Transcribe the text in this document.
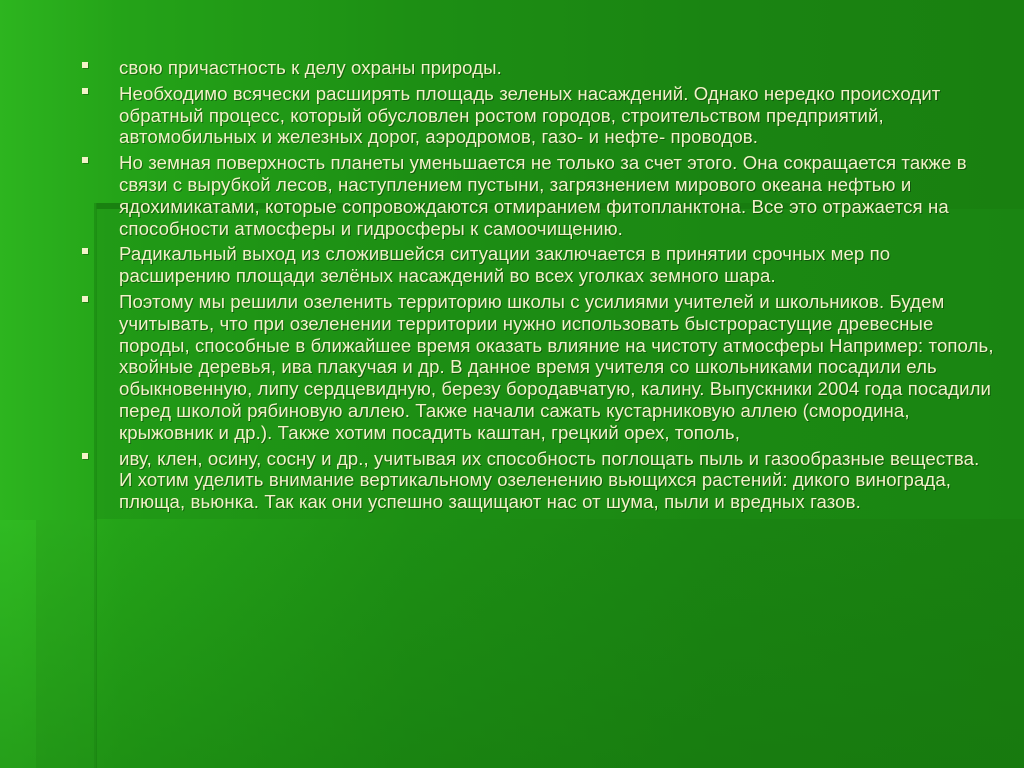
свою причастность к делу охраны природы.
Необходимо всячески расширять площадь зеленых насаждений. Однако нередко происходит обратный процесс, который обусловлен ростом городов, строительством предприятий, автомобильных и железных дорог, аэродромов, газо- и нефте- проводов.
Но земная поверхность планеты уменьшается не только за счет этого. Она сокращается также в связи с вырубкой лесов, наступлением пустыни, загрязнением мирового океана нефтью и ядохимикатами, которые сопровождаются отмиранием фитопланктона. Все это отражается на способности атмосферы и гидросферы к самоочищению.
Радикальный выход из сложившейся ситуации заключается в принятии срочных мер по расширению площади зелёных насаждений во всех уголках земного шара.
Поэтому мы решили озеленить территорию школы с усилиями учителей и школьников. Будем учитывать, что при озеленении территории нужно использовать быстрорастущие древесные породы, способные в ближайшее время оказать влияние на чистоту атмосферы Например: тополь, хвойные деревья, ива плакучая и др. В данное время учителя со школьниками посадили ель обыкновенную, липу сердцевидную, березу бородавчатую, калину. Выпускники 2004 года посадили перед школой рябиновую аллею. Также начали сажать кустарниковую аллею (смородина, крыжовник и др.). Также хотим посадить каштан, грецкий орех, тополь,
иву, клен, осину, сосну и др., учитывая их способность поглощать пыль и газообразные вещества. И хотим уделить внимание вертикальному озеленению вьющихся растений: дикого винограда, плюща, вьюнка. Так как они успешно защищают нас от шума, пыли и вредных газов.
